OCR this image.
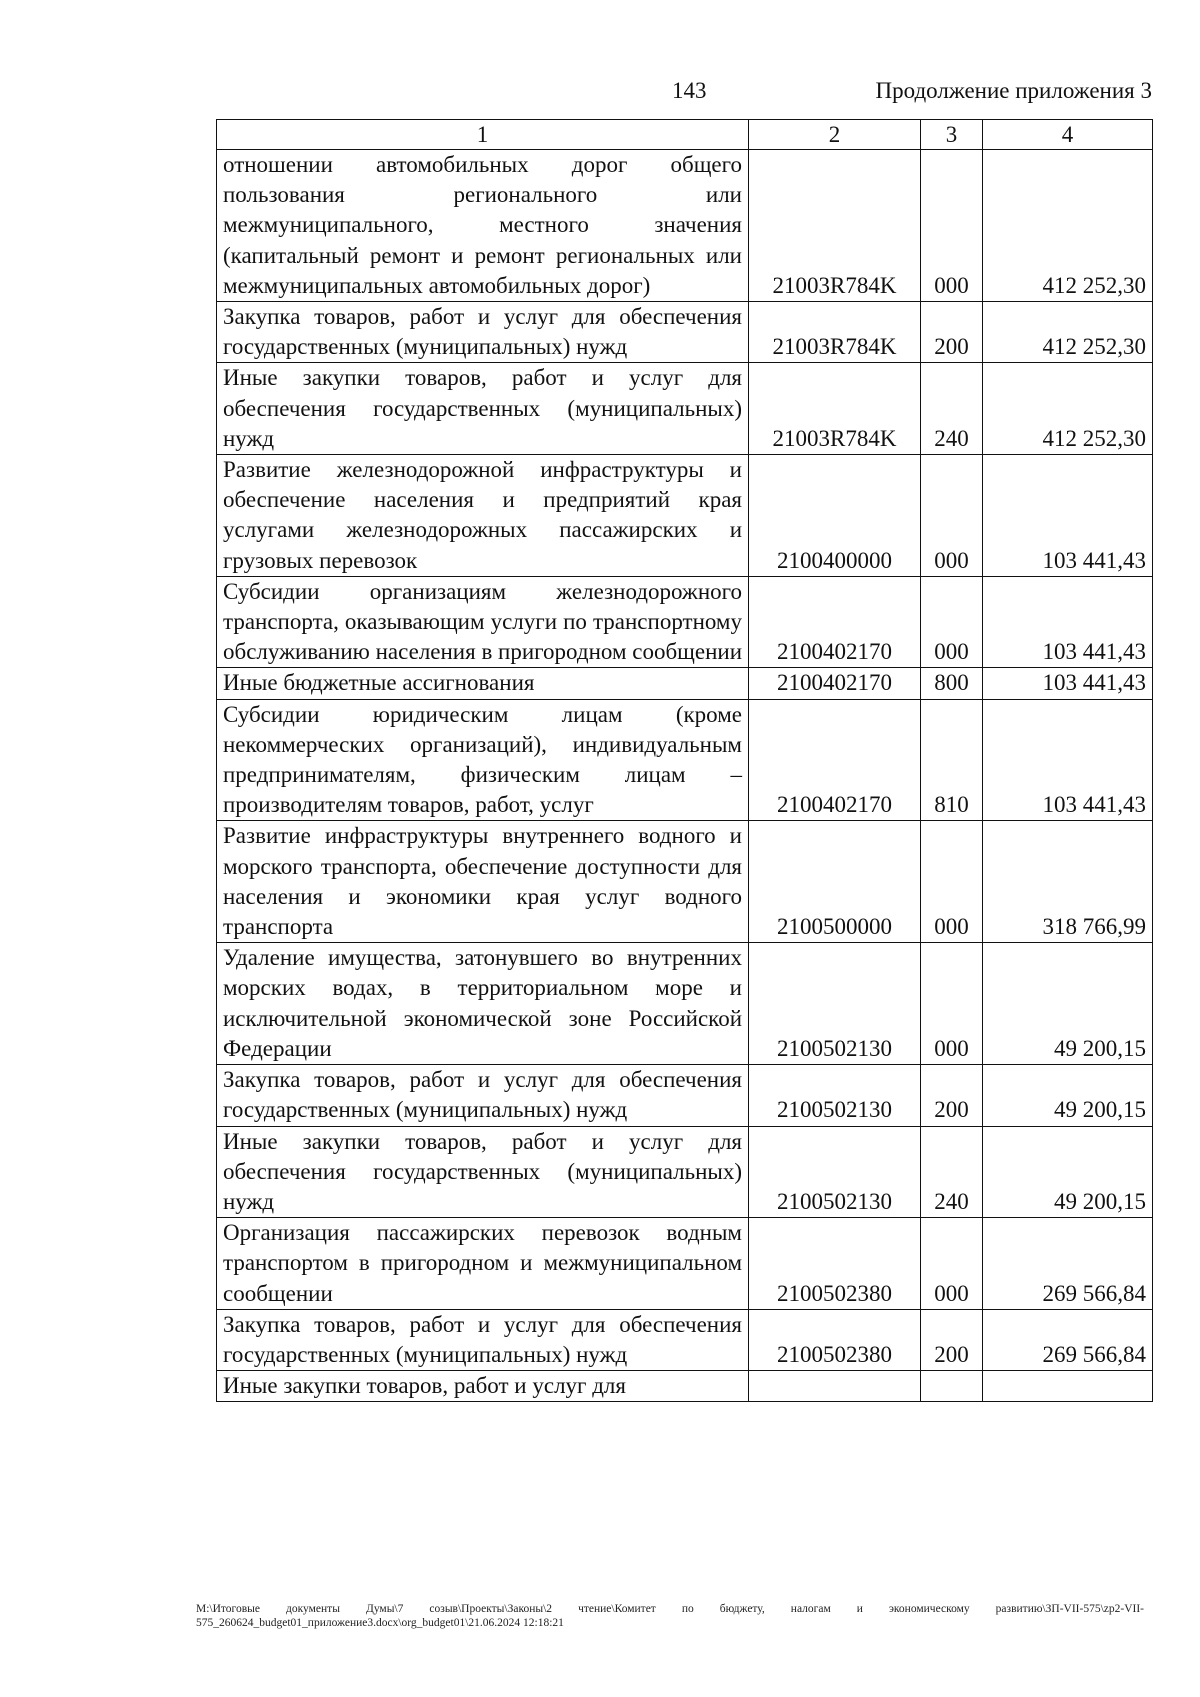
143	Продолжение приложения 3
1	2	3	4
отношении автомобильных дорог общего пользования регионального или межмуниципального, местного значения (капитальный ремонт и ремонт региональных или межмуниципальных автомобильных дорог)	21003R784K	000	412 252,30
Закупка товаров, работ и услуг для обеспечения государственных (муниципальных) нужд	21003R784K	200	412 252,30
Иные закупки товаров, работ и услуг для обеспечения государственных (муниципальных) нужд	21003R784K	240	412 252,30
Развитие железнодорожной инфраструктуры и обеспечение населения и предприятий края услугами железнодорожных пассажирских и грузовых перевозок	2100400000	000	103 441,43
Субсидии организациям железнодорожного транспорта, оказывающим услуги по транспортному обслуживанию населения в пригородном сообщении	2100402170	000	103 441,43
Иные бюджетные ассигнования	2100402170	800	103 441,43
Субсидии юридическим лицам (кроме некоммерческих организаций), индивидуальным предпринимателям, физическим лицам – производителям товаров, работ, услуг	2100402170	810	103 441,43
Развитие инфраструктуры внутреннего водного и морского транспорта, обеспечение доступности для населения и экономики края услуг водного транспорта	2100500000	000	318 766,99
Удаление имущества, затонувшего во внутренних морских водах, в территориальном море и исключительной экономической зоне Российской Федерации	2100502130	000	49 200,15
Закупка товаров, работ и услуг для обеспечения государственных (муниципальных) нужд	2100502130	200	49 200,15
Иные закупки товаров, работ и услуг для обеспечения государственных (муниципальных) нужд	2100502130	240	49 200,15
Организация пассажирских перевозок водным транспортом в пригородном и межмуниципальном сообщении	2100502380	000	269 566,84
Закупка товаров, работ и услуг для обеспечения государственных (муниципальных) нужд	2100502380	200	269 566,84
Иные закупки товаров, работ и услуг для			
M:\Итоговые документы Думы\7 созыв\Проекты\Законы\2 чтение\Комитет по бюджету, налогам и экономическому развитию\ЗП-VII-575\zp2-VII-575_260624_budget01_приложение3.docx\org_budget01\21.06.2024 12:18:21
